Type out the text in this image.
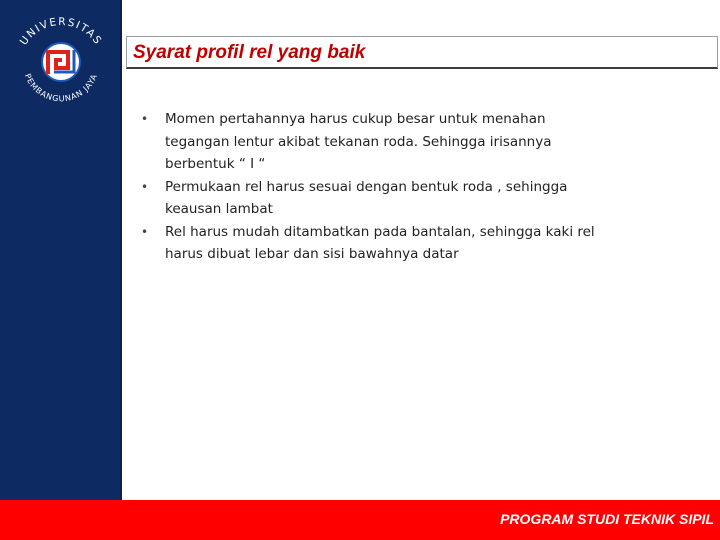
UNIVERSITAS
PEMBANGUNAN JAYA
Syarat profil rel yang baik
•	Momen pertahannya harus cukup besar untuk menahan tegangan lentur akibat tekanan roda. Sehingga irisannya berbentuk “ I “
•	Permukaan rel harus sesuai dengan bentuk roda , sehingga keausan lambat
•	Rel harus mudah ditambatkan pada bantalan, sehingga kaki rel harus dibuat lebar dan sisi bawahnya datar

PROGRAM STUDI TEKNIK SIPIL
